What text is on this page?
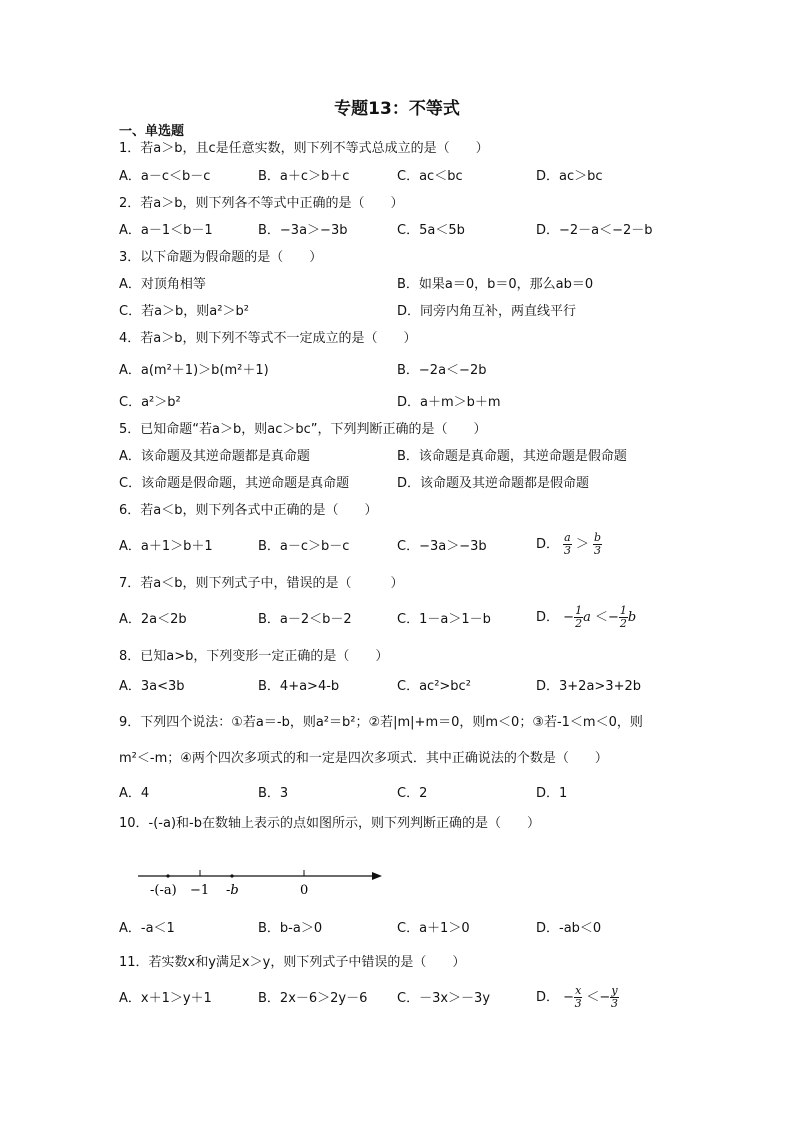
专题13：不等式
一、单选题
1．若a＞b，且c是任意实数，则下列不等式总成立的是（　　）
A．a－c＜b－c	B．a＋c＞b＋c	C．ac＜bc	D．ac＞bc
2．若a＞b，则下列各不等式中正确的是（　　）
A．a－1＜b－1	B．−3a＞−3b	C．5a＜5b	D．−2－a＜−2－b
3．以下命题为假命题的是（　　）
A．对顶角相等	B．如果a＝0，b＝0，那么ab＝0
C．若a＞b，则a²＞b²	D．同旁内角互补，两直线平行
4．若a＞b，则下列不等式不一定成立的是（　　）
A．a(m²＋1)＞b(m²＋1)	B．−2a＜−2b
C．a²＞b²	D．a＋m＞b＋m
5．已知命题“若a＞b，则ac＞bc”，下列判断正确的是（　　）
A．该命题及其逆命题都是真命题	B．该命题是真命题，其逆命题是假命题
C．该命题是假命题，其逆命题是真命题	D．该命题及其逆命题都是假命题
6．若a＜b，则下列各式中正确的是（　　）
A．a＋1＞b＋1	B．a－c＞b－c	C．−3a＞−3b	D． $\frac{a}{3} > \frac{b}{3}$
7．若a＜b，则下列式子中，错误的是（　　　）
A．2a＜2b	B．a－2＜b－2	C．1－a＞1－b	D． − $\frac{1}{2}$ $a <- \frac{1}{2}$ b
8．已知a>b，下列变形一定正确的是（　　）
A．3a<3b	B．4+a>4-b	C．ac²>bc²	D．3+2a>3+2b
9．下列四个说法：①若a＝-b，则a²＝b²；②若|m|+m＝0，则m＜0；③若-1＜m＜0，则
m²＜-m；④两个四次多项式的和一定是四次多项式．其中正确说法的个数是（　　）
A．4	B．3	C．2	D．1
10．-(-a)和-b在数轴上表示的点如图所示，则下列判断正确的是（　　）
-(-a) −1 -b	0
A．-a＜1	B．b-a＞0	C．a＋1＞0	D．-ab＜0
11．若实数x和y满足x＞y，则下列式子中错误的是（　　）
A．x＋1＞y＋1	B．2x－6＞2y－6 C．－3x＞－3y	D． − $\frac{x}{3} <- \frac{y}{3}$
